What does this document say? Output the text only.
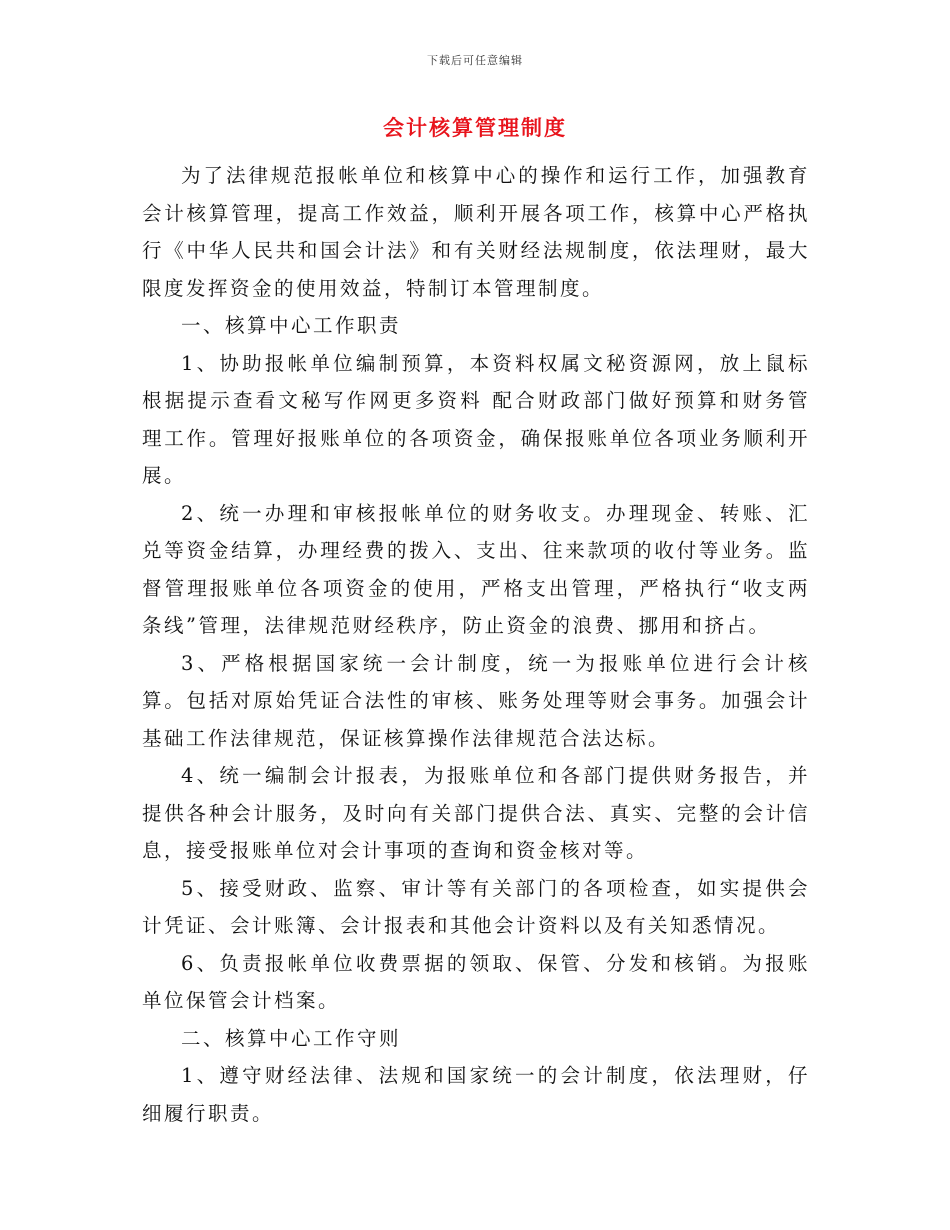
下载后可任意编辑
会计核算管理制度

为了法律规范报帐单位和核算中心的操作和运行工作，加强教育会计核算管理，提高工作效益，顺利开展各项工作，核算中心严格执行《中华人民共和国会计法》和有关财经法规制度，依法理财，最大限度发挥资金的使用效益，特制订本管理制度。

一、核算中心工作职责

1、协助报帐单位编制预算，本资料权属文秘资源网，放上鼠标根据提示查看文秘写作网更多资料 配合财政部门做好预算和财务管理工作。管理好报账单位的各项资金，确保报账单位各项业务顺利开展。

2、统一办理和审核报帐单位的财务收支。办理现金、转账、汇兑等资金结算，办理经费的拨入、支出、往来款项的收付等业务。监督管理报账单位各项资金的使用，严格支出管理，严格执行“收支两条线”管理，法律规范财经秩序，防止资金的浪费、挪用和挤占。

3、严格根据国家统一会计制度，统一为报账单位进行会计核算。包括对原始凭证合法性的审核、账务处理等财会事务。加强会计基础工作法律规范，保证核算操作法律规范合法达标。

4、统一编制会计报表，为报账单位和各部门提供财务报告，并提供各种会计服务，及时向有关部门提供合法、真实、完整的会计信息，接受报账单位对会计事项的查询和资金核对等。

5、接受财政、监察、审计等有关部门的各项检查，如实提供会计凭证、会计账簿、会计报表和其他会计资料以及有关知悉情况。

6、负责报帐单位收费票据的领取、保管、分发和核销。为报账单位保管会计档案。

二、核算中心工作守则

1、遵守财经法律、法规和国家统一的会计制度，依法理财，仔细履行职责。
